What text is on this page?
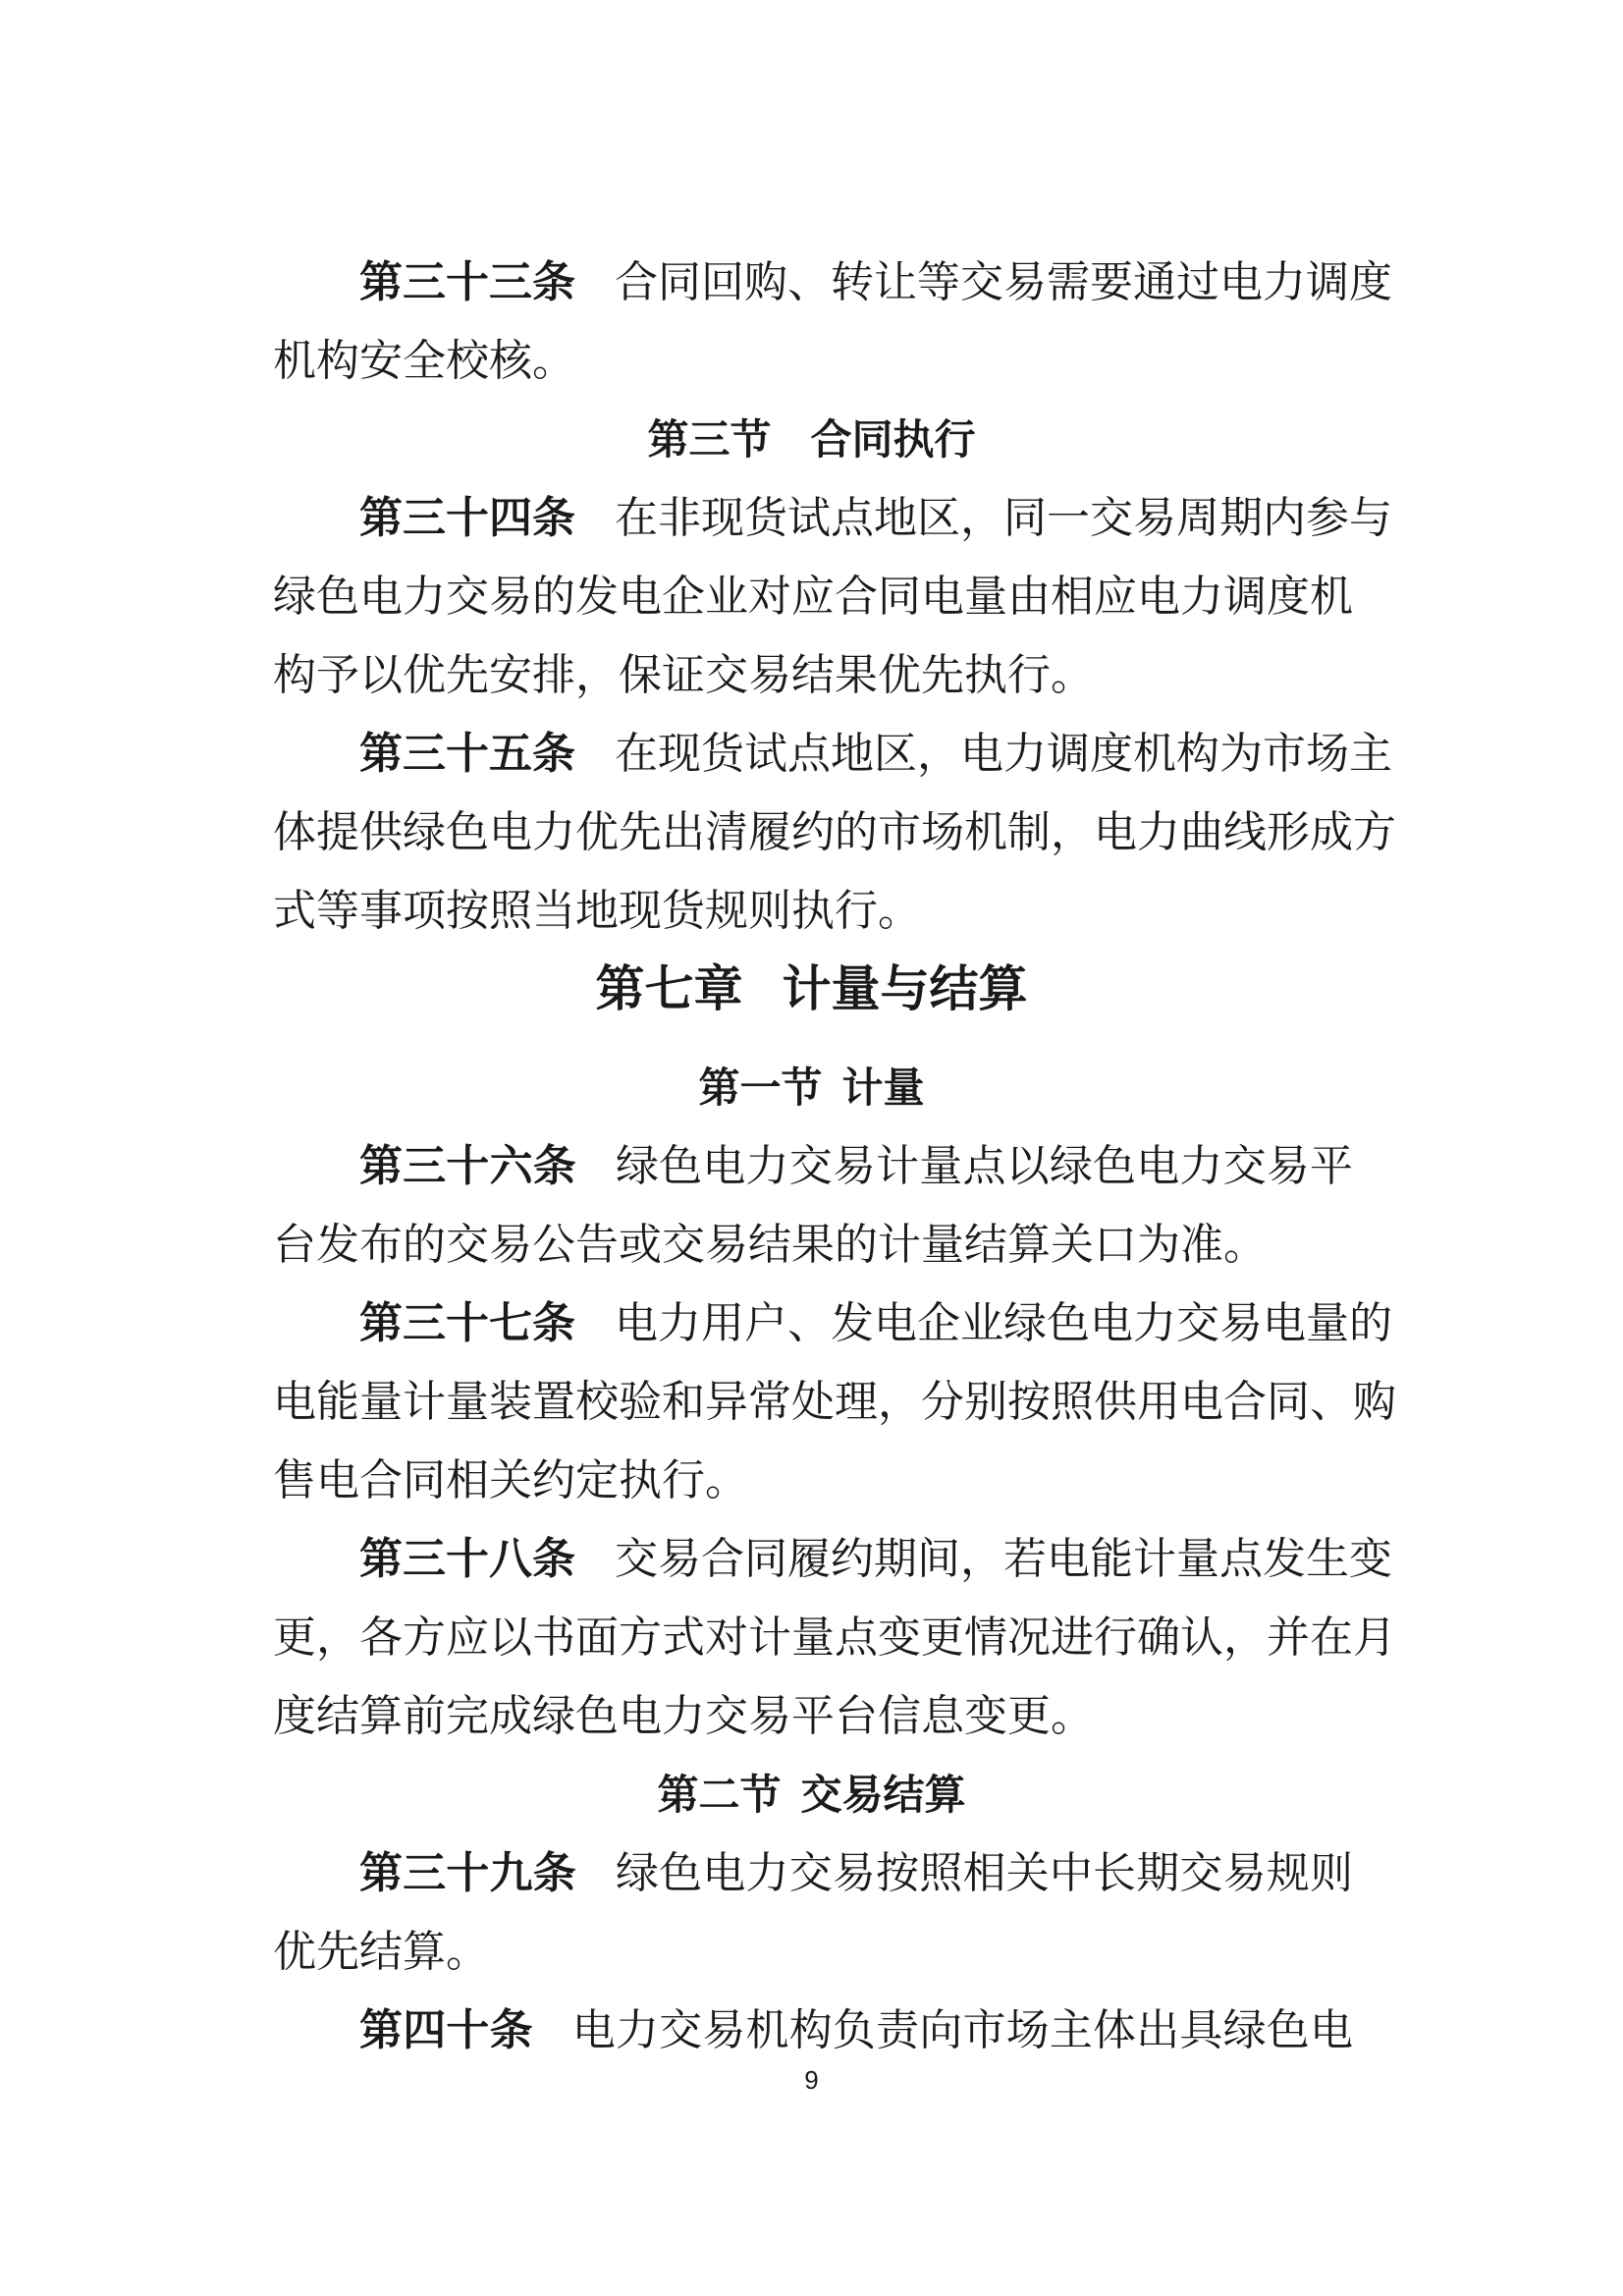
第三十三条 合同回购、转让等交易需要通过电力调度
机构安全校核。
第三节 合同执行
第三十四条 在非现货试点地区，同一交易周期内参与
绿色电力交易的发电企业对应合同电量由相应电力调度机
构予以优先安排，保证交易结果优先执行。
第三十五条 在现货试点地区，电力调度机构为市场主
体提供绿色电力优先出清履约的市场机制，电力曲线形成方
式等事项按照当地现货规则执行。
第七章 计量与结算
第一节 计量
第三十六条 绿色电力交易计量点以绿色电力交易平
台发布的交易公告或交易结果的计量结算关口为准。
第三十七条 电力用户、发电企业绿色电力交易电量的
电能量计量装置校验和异常处理，分别按照供用电合同、购
售电合同相关约定执行。
第三十八条 交易合同履约期间，若电能计量点发生变
更，各方应以书面方式对计量点变更情况进行确认，并在月
度结算前完成绿色电力交易平台信息变更。
第二节 交易结算
第三十九条 绿色电力交易按照相关中长期交易规则
优先结算。
第四十条 电力交易机构负责向市场主体出具绿色电
9
